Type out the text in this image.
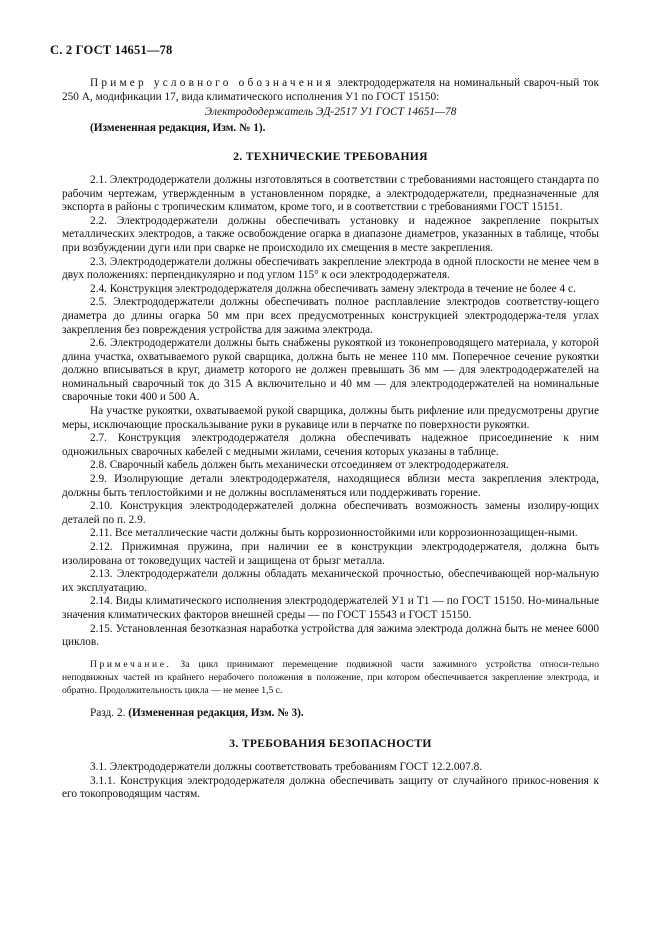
С. 2 ГОСТ 14651—78

Пример условного обозначения электрододержателя на номинальный свароч-ный ток 250 А, модификации 17, вида климатического исполнения У1 по ГОСТ 15150:

Электрододержатель ЭД-2517 У1 ГОСТ 14651—78

(Измененная редакция, Изм. № 1).

2. ТЕХНИЧЕСКИЕ ТРЕБОВАНИЯ

2.1. Электрододержатели должны изготовляться в соответствии с требованиями настоящего стандарта по рабочим чертежам, утвержденным в установленном порядке, а электрододержатели, предназначенные для экспорта в районы с тропическим климатом, кроме того, и в соответствии с требованиями ГОСТ 15151.

2.2. Электрододержатели должны обеспечивать установку и надежное закрепление покрытых металлических электродов, а также освобождение огарка в диапазоне диаметров, указанных в таблице, чтобы при возбуждении дуги или при сварке не происходило их смещения в месте закрепления.

2.3. Электрододержатели должны обеспечивать закрепление электрода в одной плоскости не менее чем в двух положениях: перпендикулярно и под углом 115° к оси электрододержателя.

2.4. Конструкция электрододержателя должна обеспечивать замену электрода в течение не более 4 с.

2.5. Электрододержатели должны обеспечивать полное расплавление электродов соответству-ющего диаметра до длины огарка 50 мм при всех предусмотренных конструкцией электрододержа-теля углах закрепления без повреждения устройства для зажима электрода.

2.6. Электрододержатели должны быть снабжены рукояткой из токонепроводящего материала, у которой длина участка, охватываемого рукой сварщика, должна быть не менее 110 мм. Поперечное сечение рукоятки должно вписываться в круг, диаметр которого не должен превышать 36 мм — для электрододержателей на номинальный сварочный ток до 315 А включительно и 40 мм — для электрододержателей на номинальные сварочные токи 400 и 500 А.

На участке рукоятки, охватываемой рукой сварщика, должны быть рифление или предусмотрены другие меры, исключающие проскальзывание руки в рукавице или в перчатке по поверхности рукоятки.

2.7. Конструкция электрододержателя должна обеспечивать надежное присоединение к ним одножильных сварочных кабелей с медными жилами, сечения которых указаны в таблице.

2.8. Сварочный кабель должен быть механически отсоединяем от электрододержателя.

2.9. Изолирующие детали электрододержателя, находящиеся вблизи места закрепления электрода, должны быть теплостойкими и не должны воспламеняться или поддерживать горение.

2.10. Конструкция электрододержателей должна обеспечивать возможность замены изолиру-ющих деталей по п. 2.9.

2.11. Все металлические части должны быть коррозионностойкими или коррозионнозащищен-ными.

2.12. Прижимная пружина, при наличии ее в конструкции электрододержателя, должна быть изолирована от токоведущих частей и защищена от брызг металла.

2.13. Электрододержатели должны обладать механической прочностью, обеспечивающей нор-мальную их эксплуатацию.

2.14. Виды климатического исполнения электрододержателей У1 и Т1 — по ГОСТ 15150. Но-минальные значения климатических факторов внешней среды — по ГОСТ 15543 и ГОСТ 15150.

2.15. Установленная безотказная наработка устройства для зажима электрода должна быть не менее 6000 циклов.

Примечание. За цикл принимают перемещение подвижной части зажимного устройства относи-тельно неподвижных частей из крайнего нерабочего положения в положение, при котором обеспечивается закрепление электрода, и обратно. Продолжительность цикла — не менее 1,5 с.

Разд. 2. (Измененная редакция, Изм. № 3).

3. ТРЕБОВАНИЯ БЕЗОПАСНОСТИ

3.1. Электрододержатели должны соответствовать требованиям ГОСТ 12.2.007.8.

3.1.1. Конструкция электрододержателя должна обеспечивать защиту от случайного прикос-новения к его токопроводящим частям.
